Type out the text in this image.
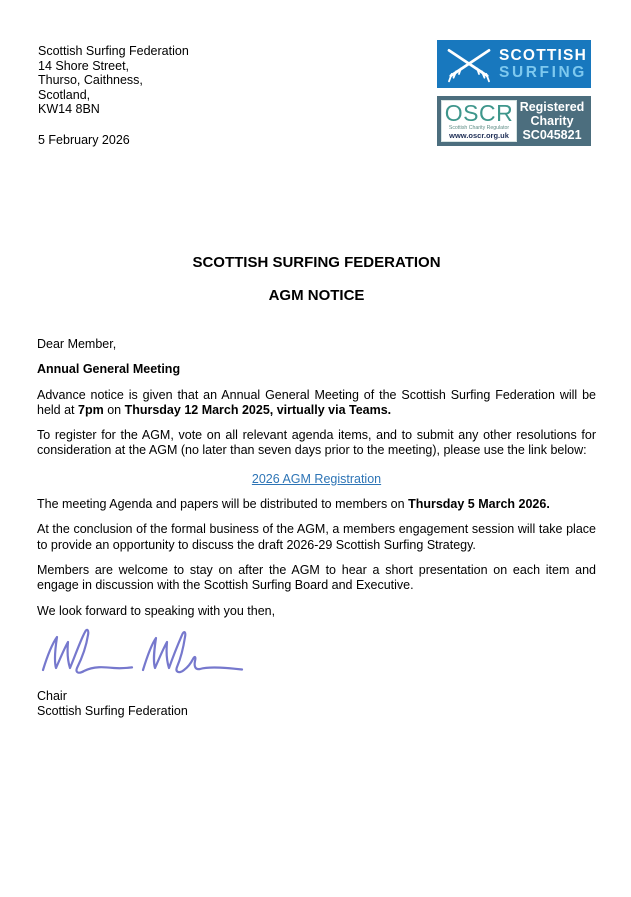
Scottish Surfing Federation
14 Shore Street,
Thurso, Caithness,
Scotland,
KW14 8BN
5 February 2026
SCOTTISH
SURFING
OSCR
Scottish Charity Regulator
www.oscr.org.uk
Registered
Charity
SC045821
SCOTTISH SURFING FEDERATION
AGM NOTICE

Dear Member,

Annual General Meeting

Advance notice is given that an Annual General Meeting of the Scottish Surfing Federation will be held at 7pm on Thursday 12 March 2025, virtually via Teams.

To register for the AGM, vote on all relevant agenda items, and to submit any other resolutions for consideration at the AGM (no later than seven days prior to the meeting), please use the link below:

2026 AGM Registration

The meeting Agenda and papers will be distributed to members on Thursday 5 March 2026.

At the conclusion of the formal business of the AGM, a members engagement session will take place to provide an opportunity to discuss the draft 2026-29 Scottish Surfing Strategy.

Members are welcome to stay on after the AGM to hear a short presentation on each item and engage in discussion with the Scottish Surfing Board and Executive.

We look forward to speaking with you then,

Chair
Scottish Surfing Federation
